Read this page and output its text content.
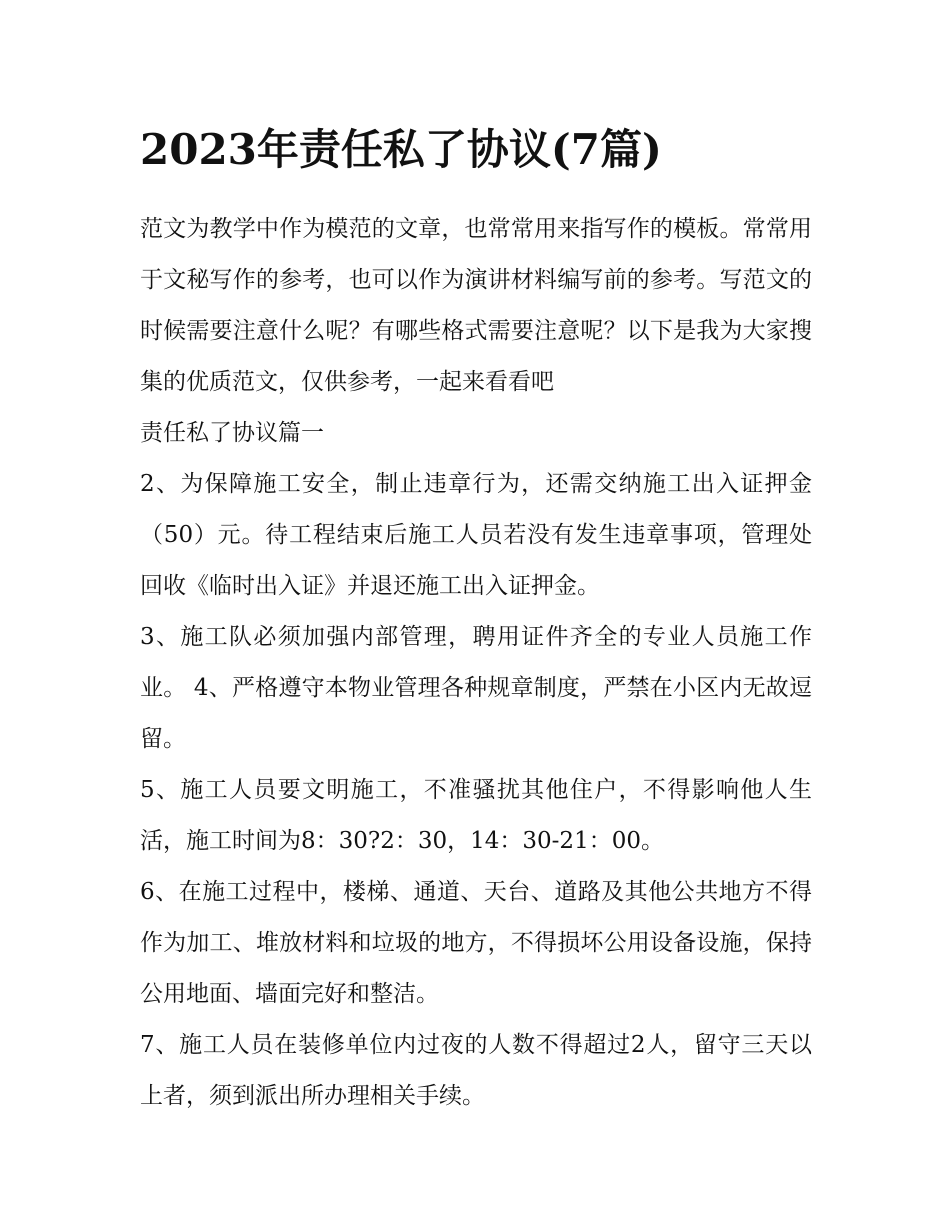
2023年责任私了协议(7篇)

范文为教学中作为模范的文章，也常常用来指写作的模板。常常用于文秘写作的参考，也可以作为演讲材料编写前的参考。写范文的时候需要注意什么呢？有哪些格式需要注意呢？以下是我为大家搜集的优质范文，仅供参考，一起来看看吧

责任私了协议篇一

2、为保障施工安全，制止违章行为，还需交纳施工出入证押金（50）元。待工程结束后施工人员若没有发生违章事项，管理处回收《临时出入证》并退还施工出入证押金。

3、施工队必须加强内部管理，聘用证件齐全的专业人员施工作业。 4、严格遵守本物业管理各种规章制度，严禁在小区内无故逗留。

5、施工人员要文明施工，不准骚扰其他住户，不得影响他人生活，施工时间为8：30?2：30，14：30-21：00。

6、在施工过程中，楼梯、通道、天台、道路及其他公共地方不得作为加工、堆放材料和垃圾的地方，不得损坏公用设备设施，保持公用地面、墙面完好和整洁。

7、施工人员在装修单位内过夜的人数不得超过2人，留守三天以上者，须到派出所办理相关手续。
